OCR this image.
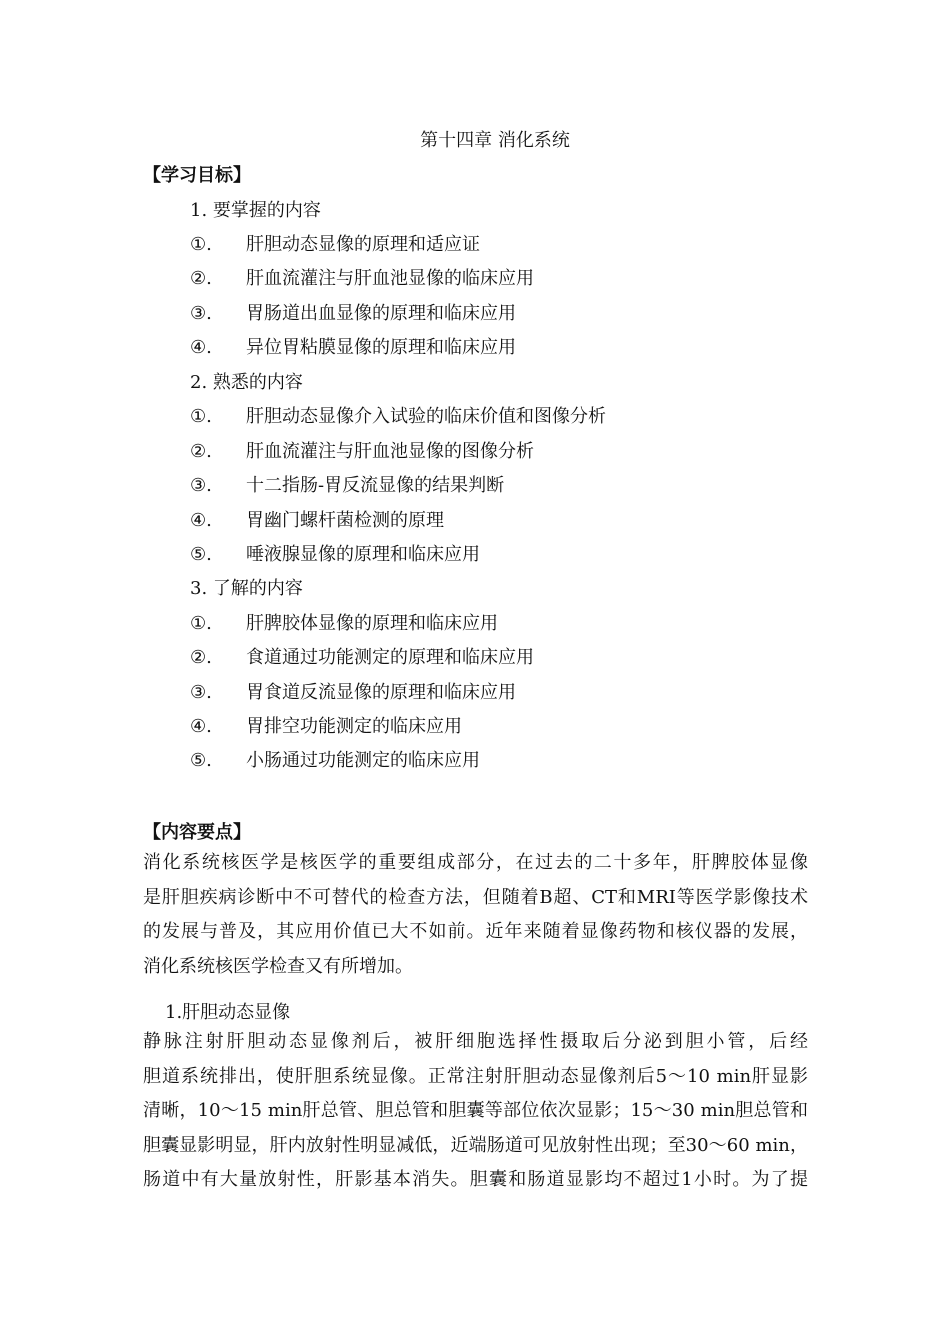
第十四章 消化系统
【学习目标】
1. 要掌握的内容
①. 肝胆动态显像的原理和适应证
②. 肝血流灌注与肝血池显像的临床应用
③. 胃肠道出血显像的原理和临床应用
④. 异位胃粘膜显像的原理和临床应用
2. 熟悉的内容
①. 肝胆动态显像介入试验的临床价值和图像分析
②. 肝血流灌注与肝血池显像的图像分析
③. 十二指肠-胃反流显像的结果判断
④. 胃幽门螺杆菌检测的原理
⑤. 唾液腺显像的原理和临床应用
3. 了解的内容
①. 肝脾胶体显像的原理和临床应用
②. 食道通过功能测定的原理和临床应用
③. 胃食道反流显像的原理和临床应用
④. 胃排空功能测定的临床应用
⑤. 小肠通过功能测定的临床应用
【内容要点】
消化系统核医学是核医学的重要组成部分，在过去的二十多年，肝脾胶体显像
是肝胆疾病诊断中不可替代的检查方法，但随着B超、CT和MRI等医学影像技术
的发展与普及，其应用价值已大不如前。近年来随着显像药物和核仪器的发展，
消化系统核医学检查又有所增加。
1.肝胆动态显像
静脉注射肝胆动态显像剂后，被肝细胞选择性摄取后分泌到胆小管，后经
胆道系统排出，使肝胆系统显像。正常注射肝胆动态显像剂后5～10 min肝显影
清晰，10～15 min肝总管、胆总管和胆囊等部位依次显影；15～30 min胆总管和
胆囊显影明显，肝内放射性明显减低，近端肠道可见放射性出现；至30～60 min，
肠道中有大量放射性，肝影基本消失。胆囊和肠道显影均不超过1小时。为了提
